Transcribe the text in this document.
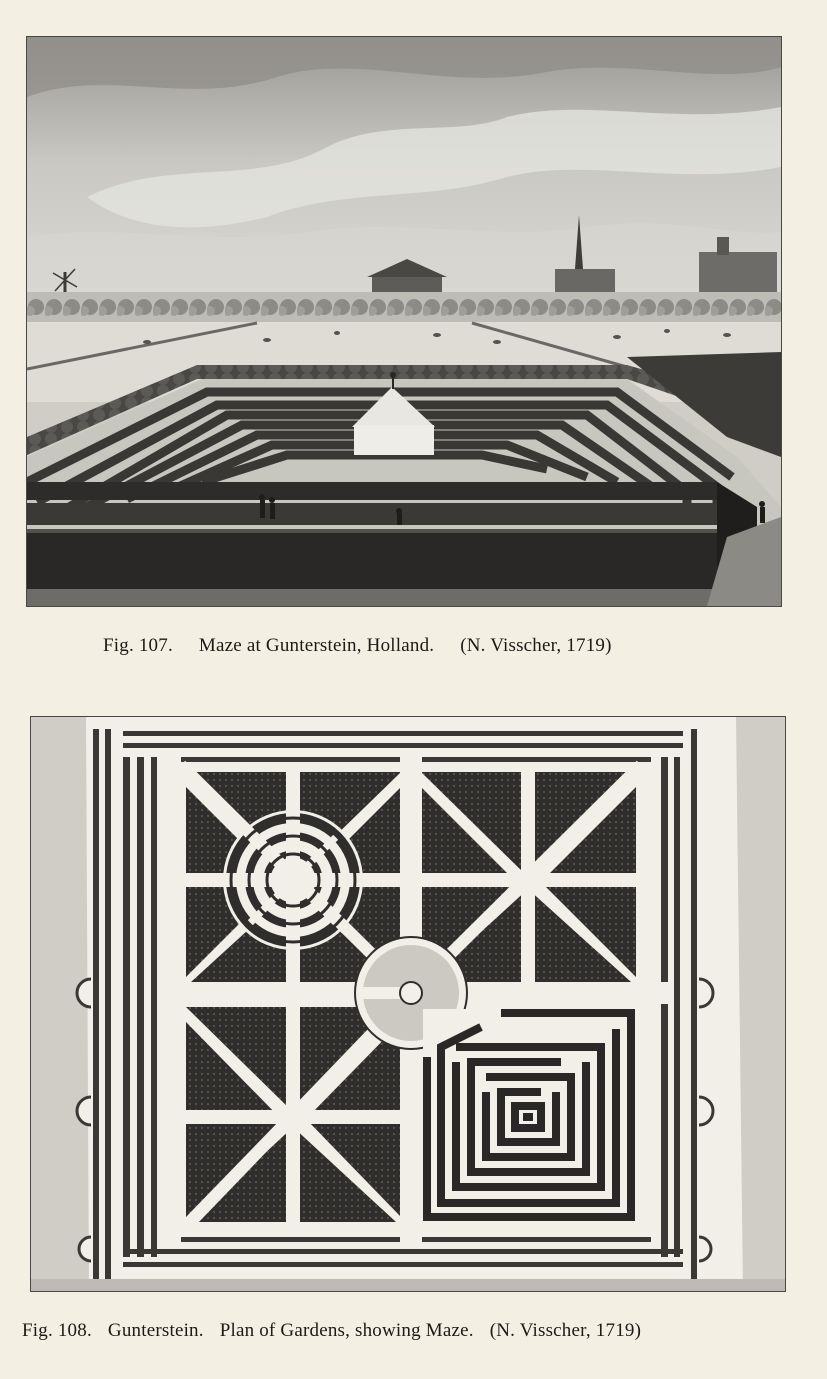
Fig. 107. Maze at Gunterstein, Holland. (N. Visscher, 1719)
Fig. 108. Gunterstein. Plan of Gardens, showing Maze. (N. Visscher, 1719)
